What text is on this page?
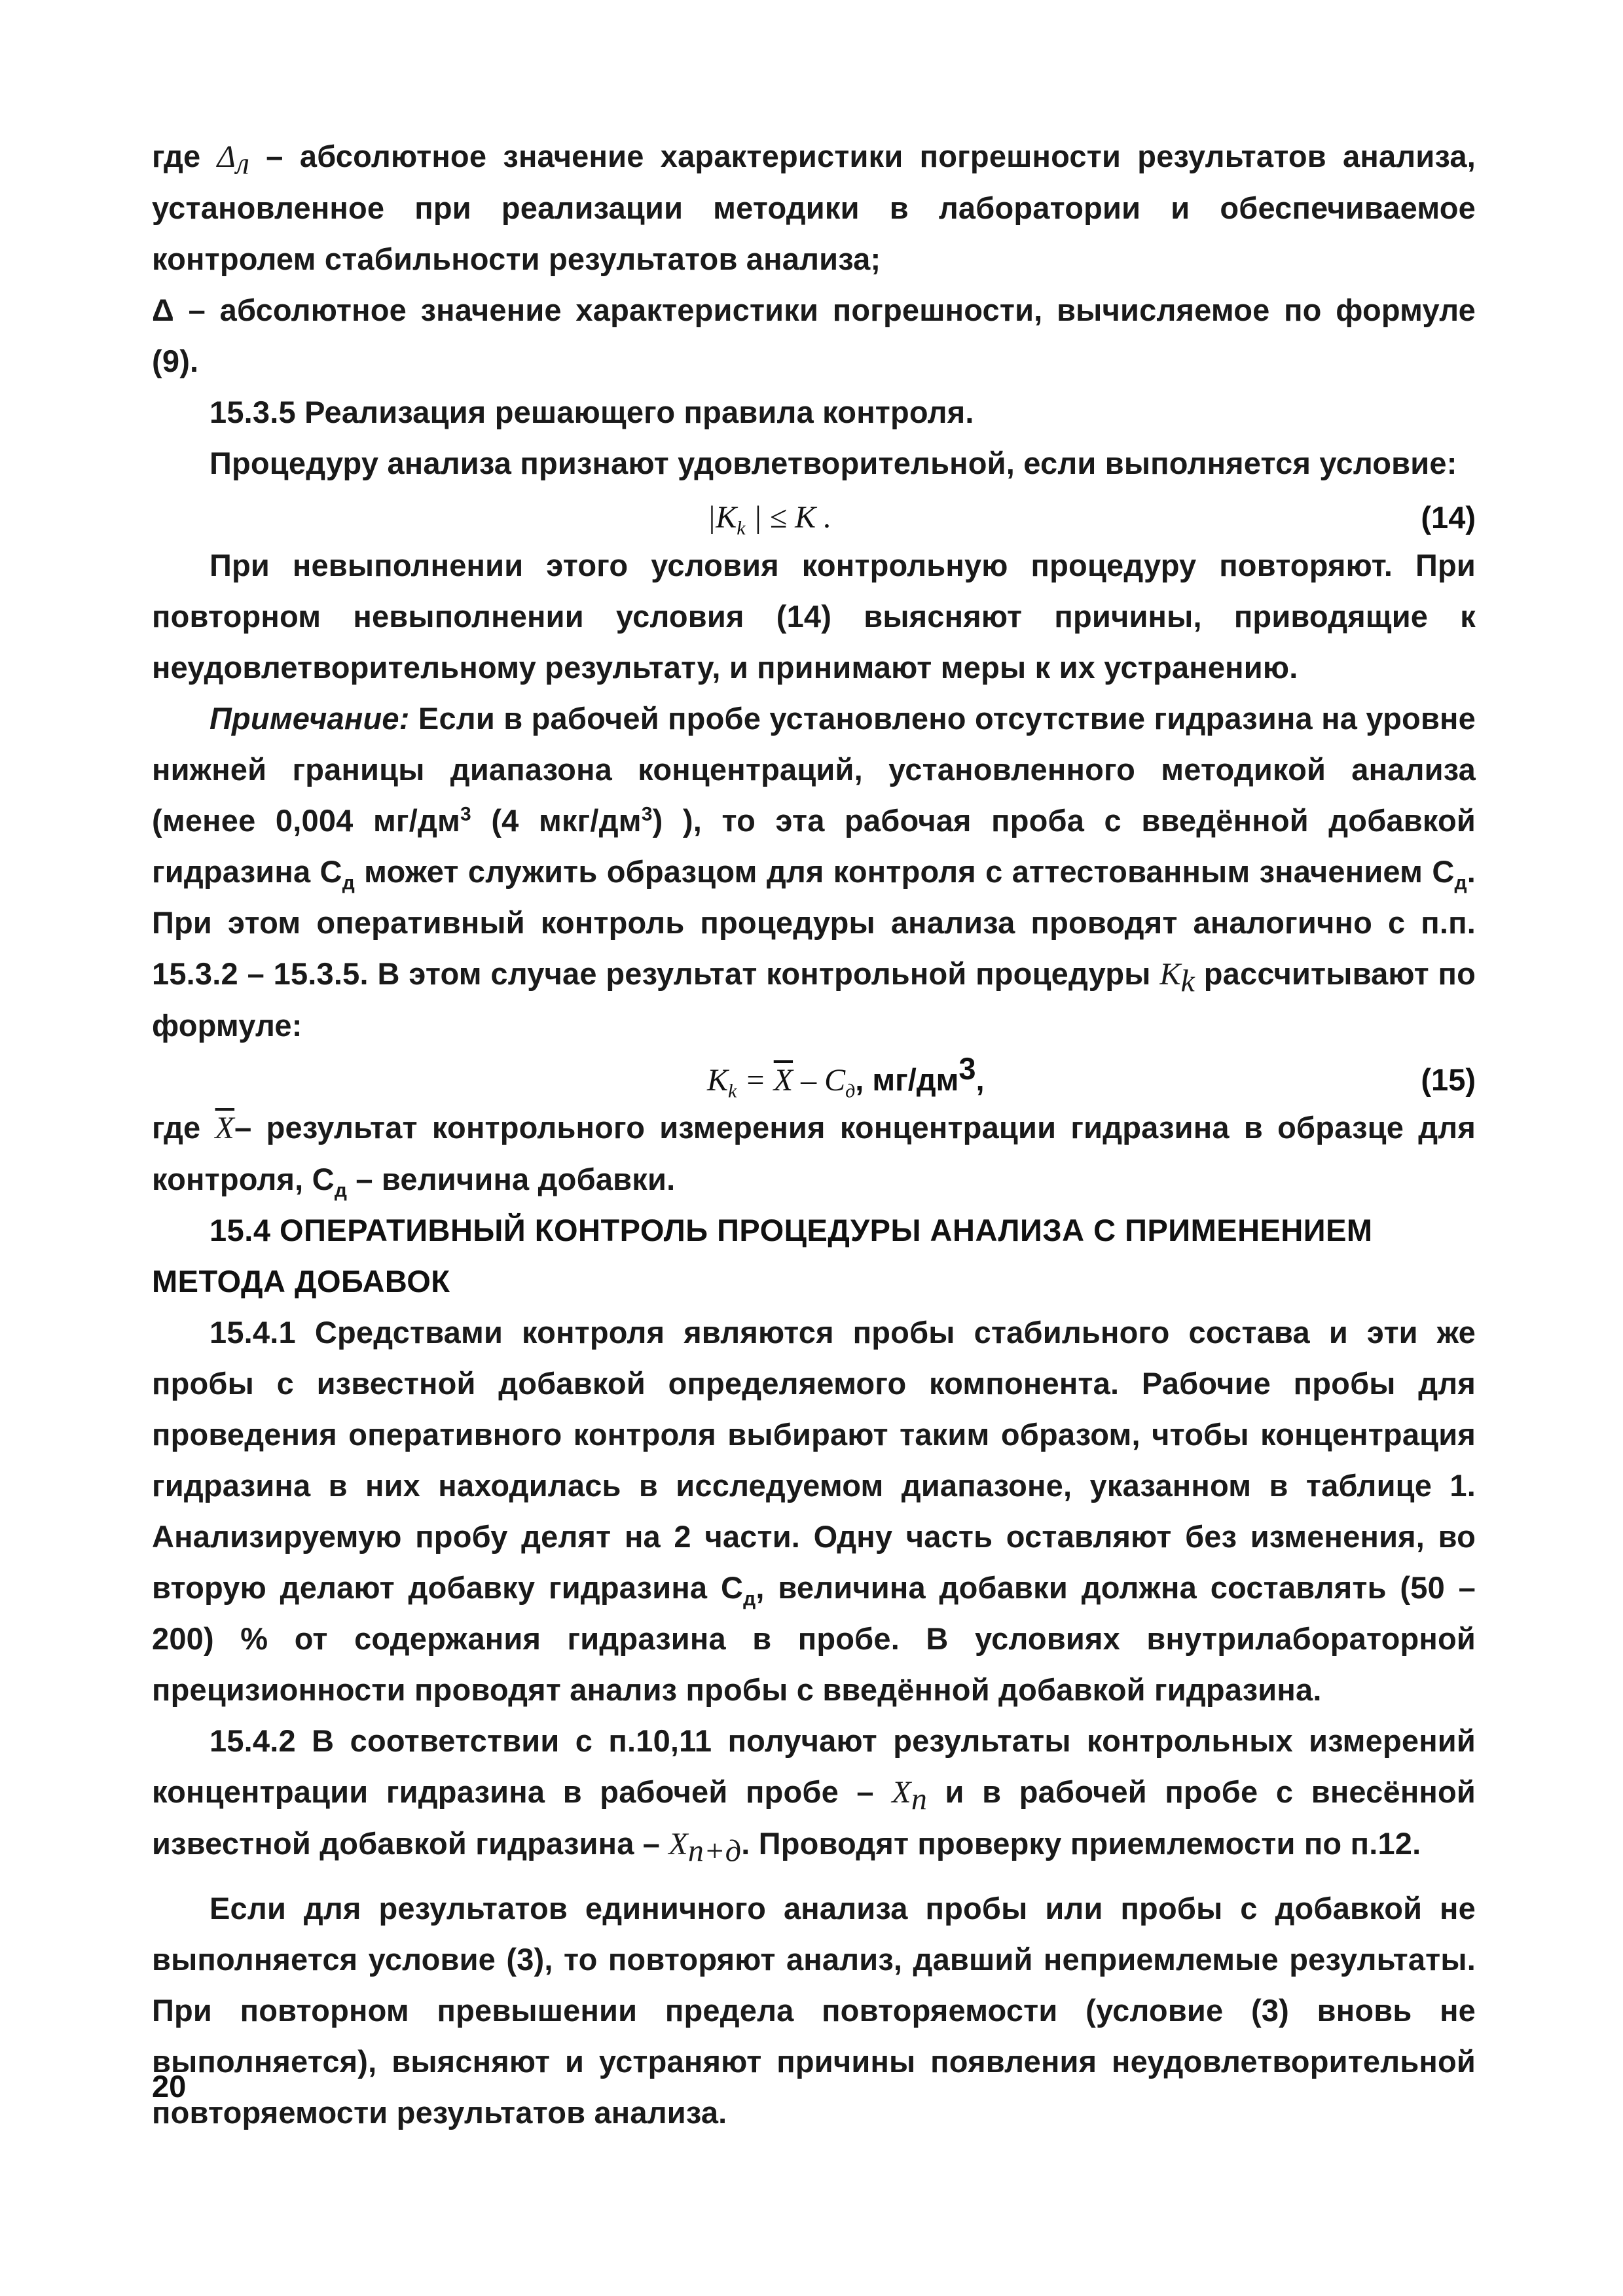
где $\Delta_л$ – абсолютное значение характеристики погрешности результатов анализа, установленное при реализации методики в лаборатории и обеспечиваемое контролем стабильности результатов анализа;

Δ – абсолютное значение характеристики погрешности, вычисляемое по формуле (9).

15.3.5 Реализация решающего правила контроля.

Процедуру анализа признают удовлетворительной, если выполняется условие:

$|K_k$ | ≤ K .	(14)

При невыполнении этого условия контрольную процедуру повторяют. При повторном невыполнении условия (14) выясняют причины, приводящие к неудовлетворительному результату, и принимают меры к их устранению.

Примечание: Если в рабочей пробе установлено отсутствие гидразина на уровне нижней границы диапазона концентраций, установленного методикой анализа (менее 0,004 $мг/дм^3$ (4 мкг/$дм^3$) ), то эта рабочая проба с введённой добавкой гидразина $С_д$ может служить образцом для контроля с аттестованным значением $С_д$. При этом оперативный контроль процедуры анализа проводят аналогично с п.п. 15.3.2 – 15.3.5. В этом случае результат контрольной процедуры $K_k$ рассчитывают по формуле:

$K_k = \overline{X} - C_д$, $мг/дм^3$,	(15)

где $\overline{X}-$ результат контрольного измерения концентрации гидразина в образце для контроля, $С_д$ – величина добавки.

15.4 ОПЕРАТИВНЫЙ КОНТРОЛЬ ПРОЦЕДУРЫ АНАЛИЗА С ПРИМЕНЕНИЕМ МЕТОДА ДОБАВОК

15.4.1 Средствами контроля являются пробы стабильного состава и эти же пробы с известной добавкой определяемого компонента. Рабочие пробы для проведения оперативного контроля выбирают таким образом, чтобы концентрация гидразина в них находилась в исследуемом диапазоне, указанном в таблице 1. Анализируемую пробу делят на 2 части. Одну часть оставляют без изменения, во вторую делают добавку гидразина $С_д$, величина добавки должна составлять (50 – 200) % от содержания гидразина в пробе. В условиях внутрилабораторной прецизионности проводят анализ пробы с введённой добавкой гидразина.

15.4.2 В соответствии с п.10,11 получают результаты контрольных измерений концентрации гидразина в рабочей пробе – $X_n$ и в рабочей пробе с внесённой известной добавкой гидразина – $X_{n+д}$. Проводят проверку приемлемости по п.12.

Если для результатов единичного анализа пробы или пробы с добавкой не выполняется условие (3), то повторяют анализ, давший неприемлемые результаты. При повторном превышении предела повторяемости (условие (3) вновь не выполняется), выясняют и устраняют причины появления неудовлетворительной повторяемости результатов анализа.

20
